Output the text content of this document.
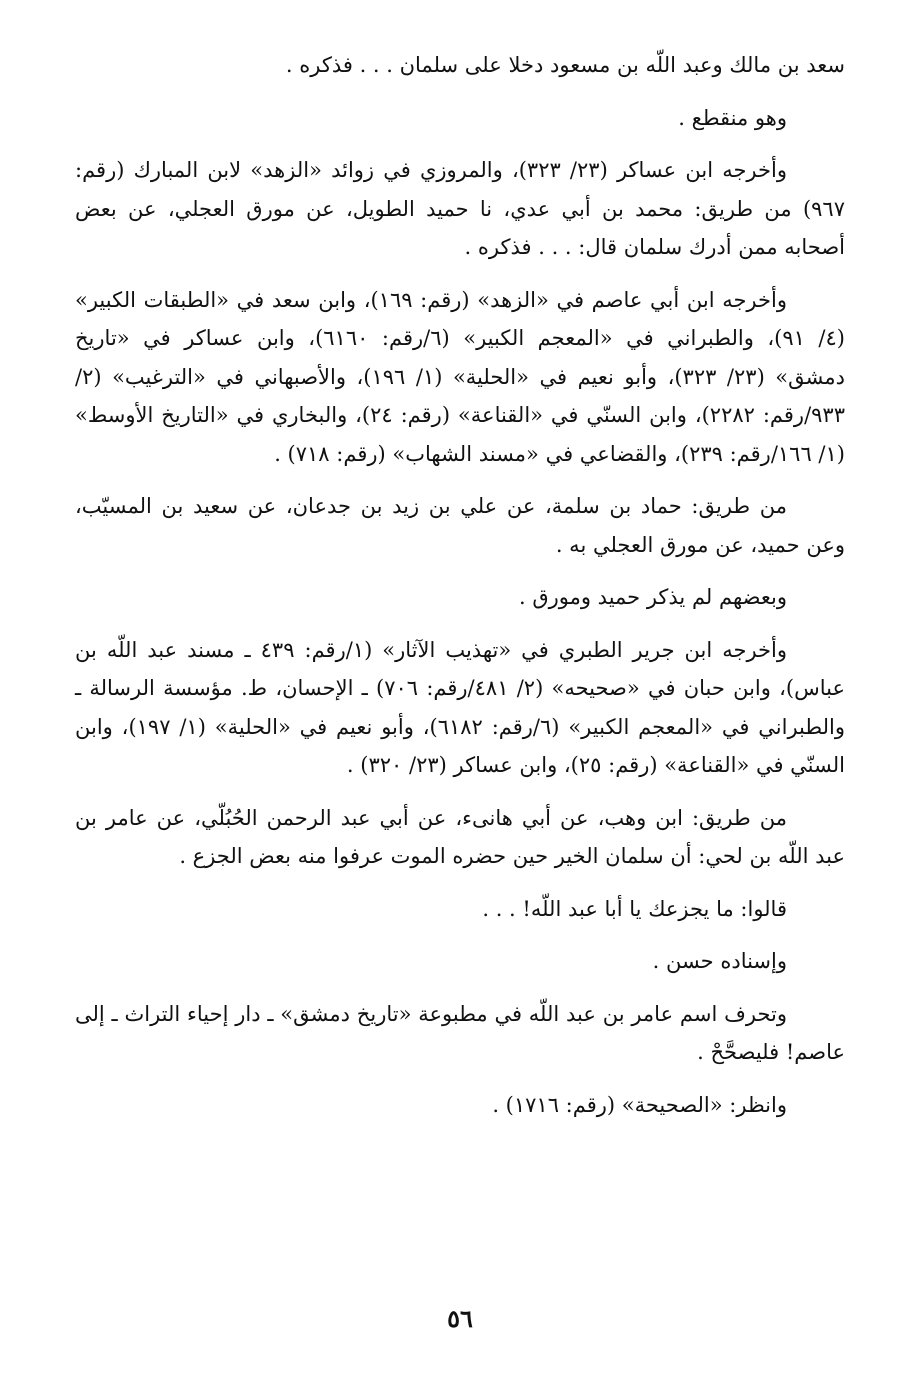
سعد بن مالك وعبد اللّه بن مسعود دخلا على سلمان . . . فذكره .

وهو منقطع .

وأخرجه ابن عساكر (٢٣/ ٣٢٣)، والمروزي في زوائد «الزهد» لابن المبارك (رقم: ٩٦٧) من طريق: محمد بن أبي عدي، نا حميد الطويل، عن مورق العجلي، عن بعض أصحابه ممن أدرك سلمان قال: . . . فذكره .

وأخرجه ابن أبي عاصم في «الزهد» (رقم: ١٦٩)، وابن سعد في «الطبقات الكبير» (٤/ ٩١)، والطبراني في «المعجم الكبير» (٦/رقم: ٦١٦٠)، وابن عساكر في «تاريخ دمشق» (٢٣/ ٣٢٣)، وأبو نعيم في «الحلية» (١/ ١٩٦)، والأصبهاني في «الترغيب» (٢/ ٩٣٣/رقم: ٢٢٨٢)، وابن السنّي في «القناعة» (رقم: ٢٤)، والبخاري في «التاريخ الأوسط» (١/ ١٦٦/رقم: ٢٣٩)، والقضاعي في «مسند الشهاب» (رقم: ٧١٨) .

من طريق: حماد بن سلمة، عن علي بن زيد بن جدعان، عن سعيد بن المسيّب، وعن حميد، عن مورق العجلي به .

وبعضهم لم يذكر حميد ومورق .

وأخرجه ابن جرير الطبري في «تهذيب الآثار» (١/رقم: ٤٣٩ ـ مسند عبد اللّه بن عباس)، وابن حبان في «صحيحه» (٢/ ٤٨١/رقم: ٧٠٦) ـ الإحسان، ط. مؤسسة الرسالة ـ والطبراني في «المعجم الكبير» (٦/رقم: ٦١٨٢)، وأبو نعيم في «الحلية» (١/ ١٩٧)، وابن السنّي في «القناعة» (رقم: ٢٥)، وابن عساكر (٢٣/ ٣٢٠) .

من طريق: ابن وهب، عن أبي هانىء، عن أبي عبد الرحمن الحُبُلّي، عن عامر بن عبد اللّه بن لحي: أن سلمان الخير حين حضره الموت عرفوا منه بعض الجزع .

قالوا: ما يجزعك يا أبا عبد اللّه! . . .

وإسناده حسن .

وتحرف اسم عامر بن عبد اللّه في مطبوعة «تاريخ دمشق» ـ دار إحياء التراث ـ إلى عاصم! فليصحَّحْ .

وانظر: «الصحيحة» (رقم: ١٧١٦) .

٥٦
